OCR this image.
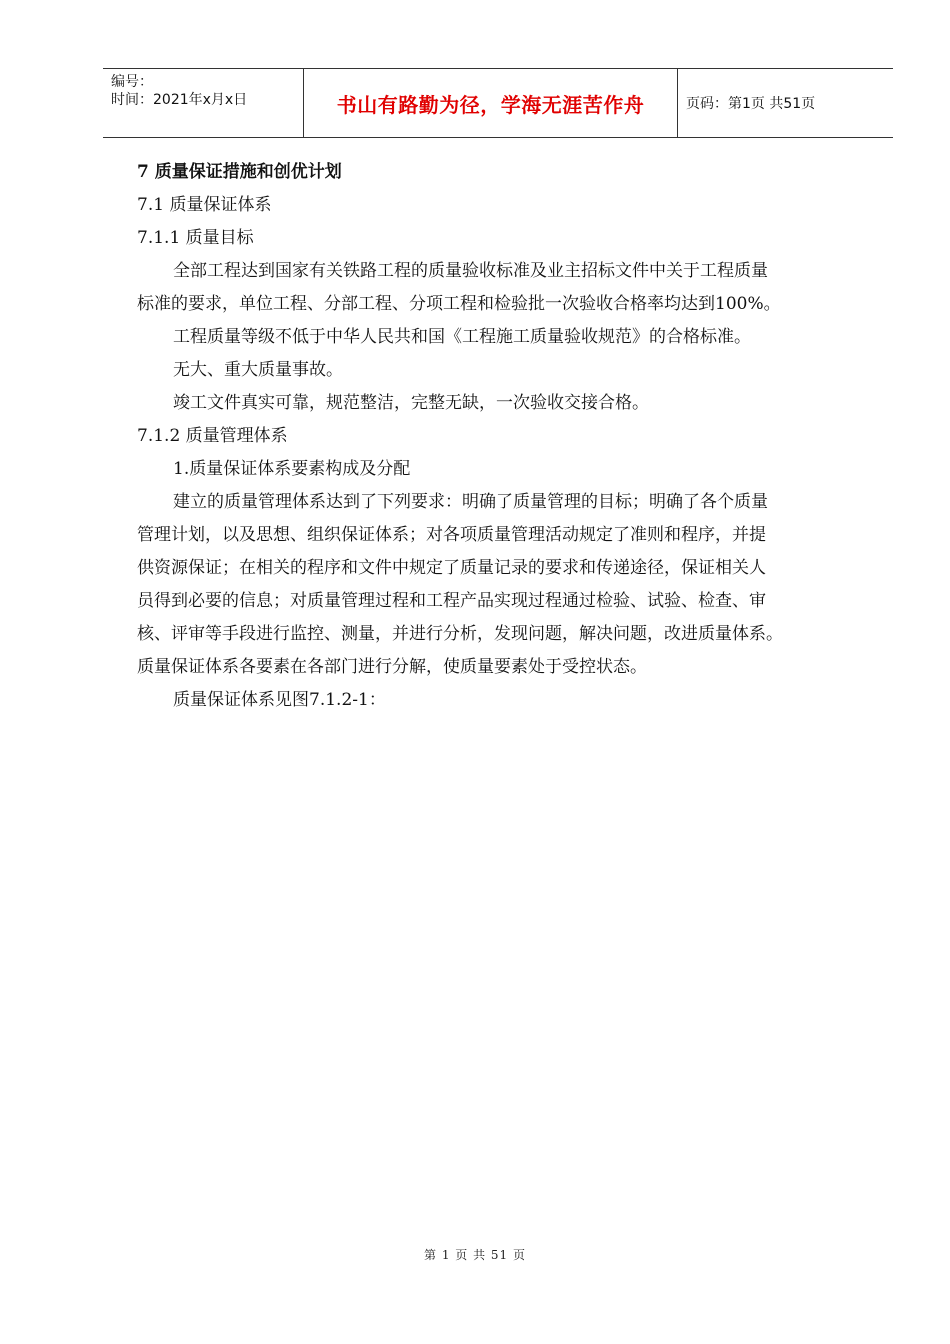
编号：
时间：2021年x月x日	书山有路勤为径，学海无涯苦作舟	页码：第1页 共51页
7 质量保证措施和创优计划
7.1 质量保证体系
7.1.1 质量目标
全部工程达到国家有关铁路工程的质量验收标准及业主招标文件中关于工程质量
标准的要求，单位工程、分部工程、分项工程和检验批一次验收合格率均达到100%。
工程质量等级不低于中华人民共和国《工程施工质量验收规范》的合格标准。
无大、重大质量事故。
竣工文件真实可靠，规范整洁，完整无缺，一次验收交接合格。
7.1.2 质量管理体系
1.质量保证体系要素构成及分配
建立的质量管理体系达到了下列要求：明确了质量管理的目标；明确了各个质量
管理计划，以及思想、组织保证体系；对各项质量管理活动规定了准则和程序，并提
供资源保证；在相关的程序和文件中规定了质量记录的要求和传递途径，保证相关人
员得到必要的信息；对质量管理过程和工程产品实现过程通过检验、试验、检查、审
核、评审等手段进行监控、测量，并进行分析，发现问题，解决问题，改进质量体系。
质量保证体系各要素在各部门进行分解，使质量要素处于受控状态。
质量保证体系见图7.1.2-1：
第 1 页 共 51 页
